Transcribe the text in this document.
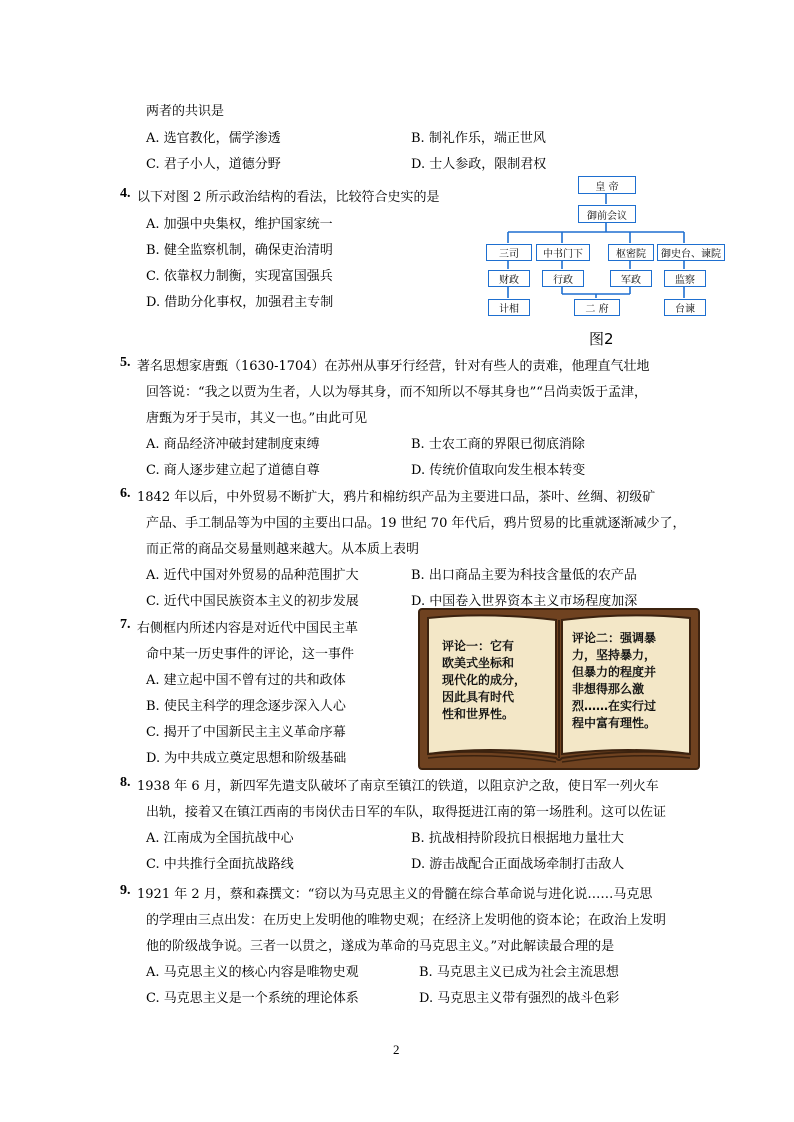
两者的共识是
A. 选官教化，儒学渗透	B. 制礼作乐，端正世风
C. 君子小人，道德分野	D. 士人参政，限制君权
4. 以下对图 2 所示政治结构的看法，比较符合史实的是
A. 加强中央集权，维护国家统一
B. 健全监察机制，确保吏治清明
C. 依靠权力制衡，实现富国强兵
D. 借助分化事权，加强君主专制
皇 帝
御前会议
三司	中书门下	枢密院	御史台、谏院
财政	行政	军政	监察
计相	二 府	台谏
图2
5. 著名思想家唐甄（1630-1704）在苏州从事牙行经营，针对有些人的责难，他理直气壮地
回答说：“我之以贾为生者，人以为辱其身，而不知所以不辱其身也”“吕尚卖饭于孟津，
唐甄为牙于吴市，其义一也。”由此可见
A. 商品经济冲破封建制度束缚	B. 士农工商的界限已彻底消除
C. 商人逐步建立起了道德自尊	D. 传统价值取向发生根本转变
6. 1842 年以后，中外贸易不断扩大，鸦片和棉纺织产品为主要进口品，茶叶、丝绸、初级矿
产品、手工制品等为中国的主要出口品。19 世纪 70 年代后，鸦片贸易的比重就逐渐减少了，
而正常的商品交易量则越来越大。从本质上表明
A. 近代中国对外贸易的品种范围扩大	B. 出口商品主要为科技含量低的农产品
C. 近代中国民族资本主义的初步发展	D. 中国卷入世界资本主义市场程度加深
7. 右侧框内所述内容是对近代中国民主革
命中某一历史事件的评论，这一事件
A. 建立起中国不曾有过的共和政体
B. 使民主科学的理念逐步深入人心
C. 揭开了中国新民主主义革命序幕
D. 为中共成立奠定思想和阶级基础
评论一：它有
欧美式坐标和
现代化的成分，
因此具有时代
性和世界性。
评论二：强调暴
力，坚持暴力，
但暴力的程度并
非想得那么激
烈……在实行过
程中富有理性。
8. 1938 年 6 月，新四军先遣支队破坏了南京至镇江的铁道，以阻京沪之敌，使日军一列火车
出轨，接着又在镇江西南的韦岗伏击日军的车队，取得挺进江南的第一场胜利。这可以佐证
A. 江南成为全国抗战中心	B. 抗战相持阶段抗日根据地力量壮大
C. 中共推行全面抗战路线	D. 游击战配合正面战场牵制打击敌人
9. 1921 年 2 月，蔡和森撰文：“窃以为马克思主义的骨髓在综合革命说与进化说……马克思
的学理由三点出发：在历史上发明他的唯物史观；在经济上发明他的资本论；在政治上发明
他的阶级战争说。三者一以贯之，遂成为革命的马克思主义。”对此解读最合理的是
A. 马克思主义的核心内容是唯物史观	B. 马克思主义已成为社会主流思想
C. 马克思主义是一个系统的理论体系	D. 马克思主义带有强烈的战斗色彩
2
